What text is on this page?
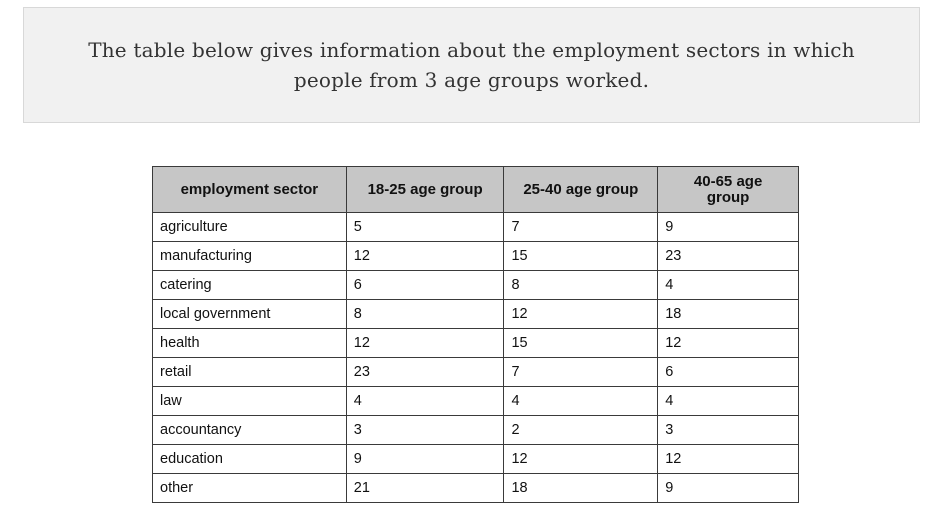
The table below gives information about the employment sectors in which people from 3 age groups worked.
employment sector	18-25 age group	25-40 age group	40-65 age group
agriculture	5	7	9
manufacturing	12	15	23
catering	6	8	4
local government	8	12	18
health	12	15	12
retail	23	7	6
law	4	4	4
accountancy	3	2	3
education	9	12	12
other	21	18	9
